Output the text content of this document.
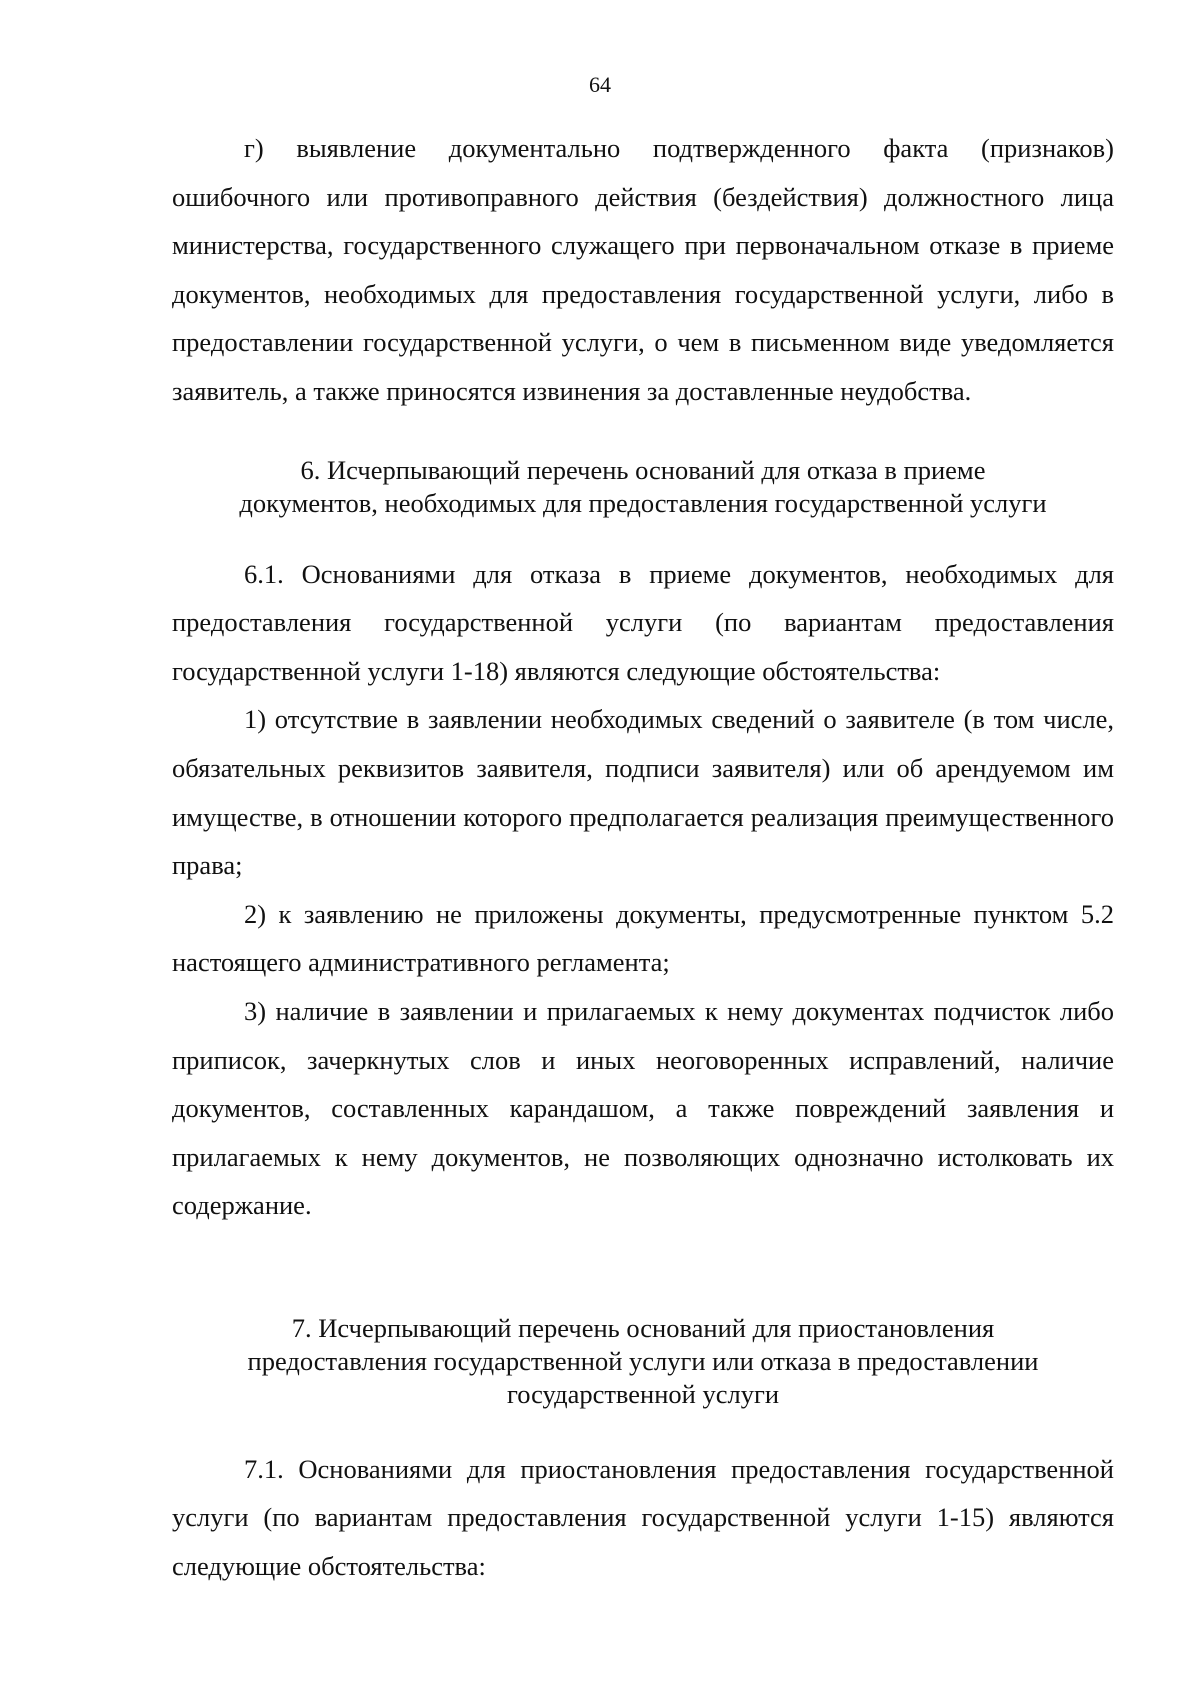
64

г) выявление документально подтвержденного факта (признаков) ошибочного или противоправного действия (бездействия) должностного лица министерства, государственного служащего при первоначальном отказе в приеме документов, необходимых для предоставления государственной услуги, либо в предоставлении государственной услуги, о чем в письменном виде уведомляется заявитель, а также приносятся извинения за доставленные неудобства.

6. Исчерпывающий перечень оснований для отказа в приеме
документов, необходимых для предоставления государственной услуги

6.1. Основаниями для отказа в приеме документов, необходимых для предоставления государственной услуги (по вариантам предоставления государственной услуги 1-18) являются следующие обстоятельства:

1) отсутствие в заявлении необходимых сведений о заявителе (в том числе, обязательных реквизитов заявителя, подписи заявителя) или об арендуемом им имуществе, в отношении которого предполагается реализация преимущественного права;

2) к заявлению не приложены документы, предусмотренные пунктом 5.2 настоящего административного регламента;

3) наличие в заявлении и прилагаемых к нему документах подчисток либо приписок, зачеркнутых слов и иных неоговоренных исправлений, наличие документов, составленных карандашом, а также повреждений заявления и прилагаемых к нему документов, не позволяющих однозначно истолковать их содержание.

7. Исчерпывающий перечень оснований для приостановления
предоставления государственной услуги или отказа в предоставлении
государственной услуги

7.1. Основаниями для приостановления предоставления государственной услуги (по вариантам предоставления государственной услуги 1-15) являются следующие обстоятельства:
